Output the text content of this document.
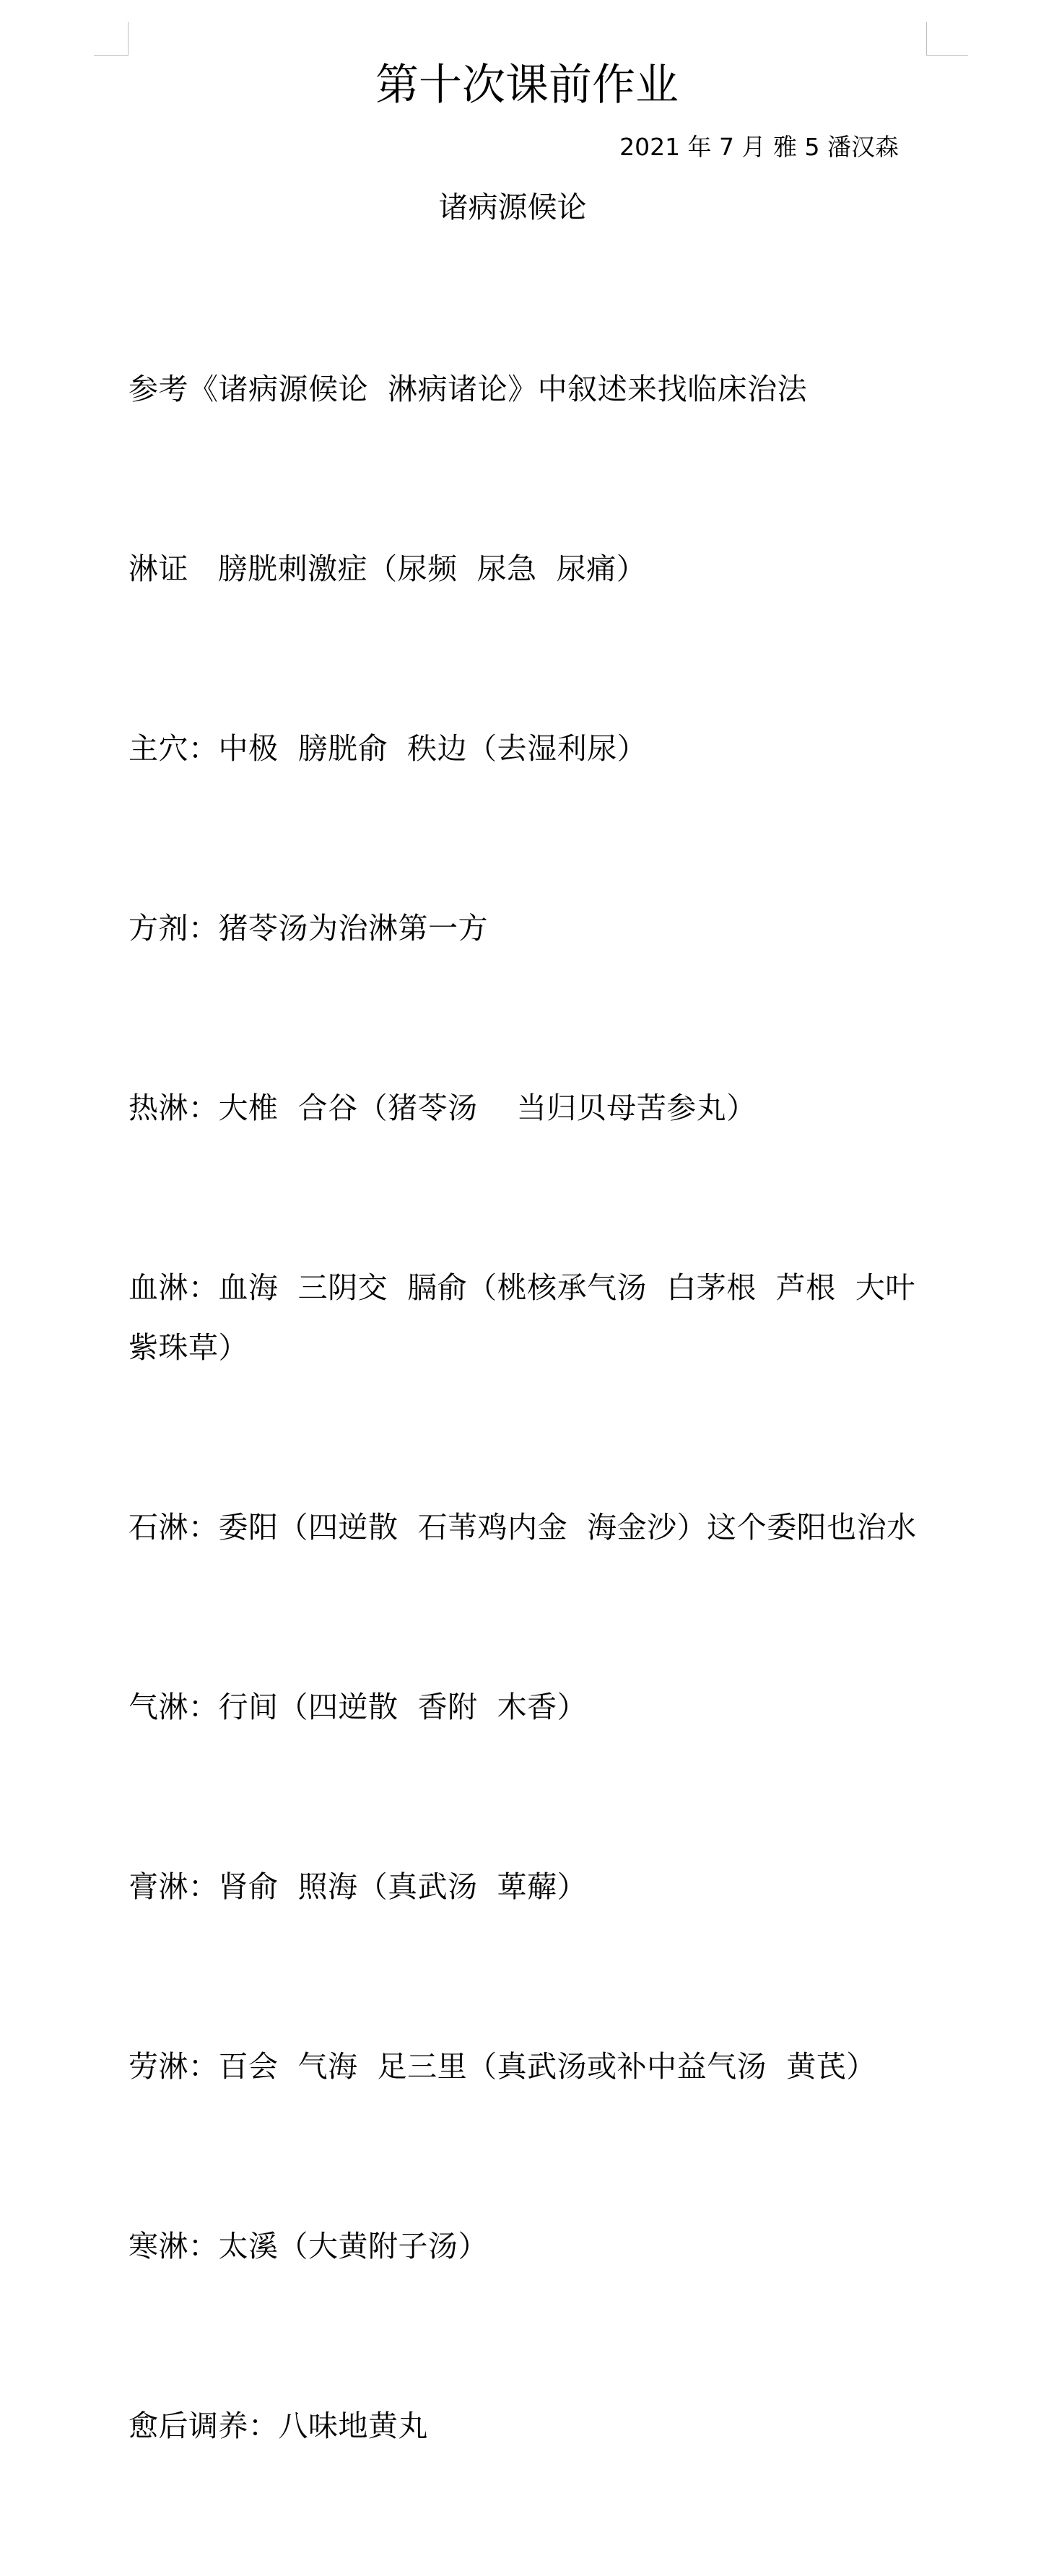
第十次课前作业

2021 年 7 月 雅 5 潘汉森

诸病源候论

参考《诸病源候论  淋病诸论》中叙述来找临床治法

淋证   膀胱刺激症（尿频  尿急  尿痛）

主穴：中极  膀胱俞  秩边（去湿利尿）

方剂：猪苓汤为治淋第一方

热淋：大椎  合谷（猪苓汤    当归贝母苦参丸）

血淋：血海  三阴交  膈俞（桃核承气汤  白茅根  芦根  大叶紫珠草）

石淋：委阳（四逆散  石苇鸡内金  海金沙）这个委阳也治水

气淋：行间（四逆散  香附  木香）

膏淋：肾俞  照海（真武汤  萆薢）

劳淋：百会  气海  足三里（真武汤或补中益气汤  黄芪）

寒淋：太溪（大黄附子汤）

愈后调养：八味地黄丸
